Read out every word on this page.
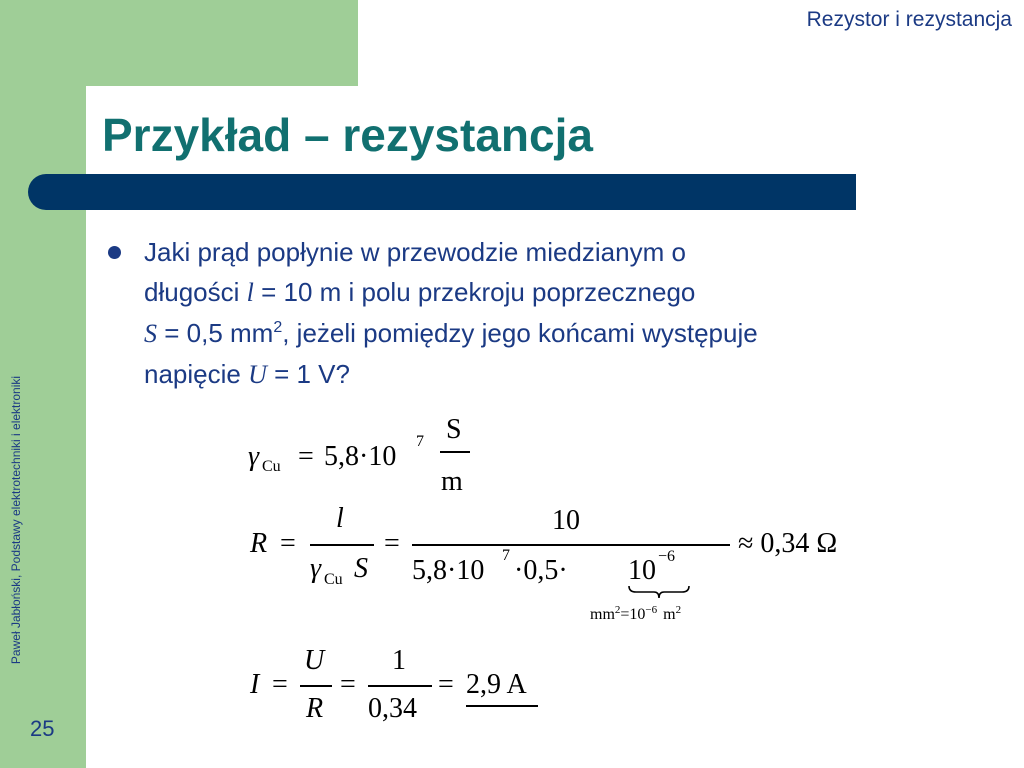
Rezystor i rezystancja
Przykład – rezystancja
Paweł Jabłoński, Podstawy elektrotechniki i elektroniki
25
Jaki prąd popłynie w przewodzie miedzianym o
długości l = 10 m i polu przekroju poprzecznego
S = 0,5 $mm^2$, jeżeli pomiędzy jego końcami występuje
napięcie U = 1 V?
γ Cu = 5,8·10 7 S
m
R =
l
γ Cu S
=
10
5,8·10 7 ·0,5· 10 −6
$mm^2=10^{-6}$ $m^2$
≈ 0,34 Ω
I =
U
R
=
1
0,34
= 2,9 A
